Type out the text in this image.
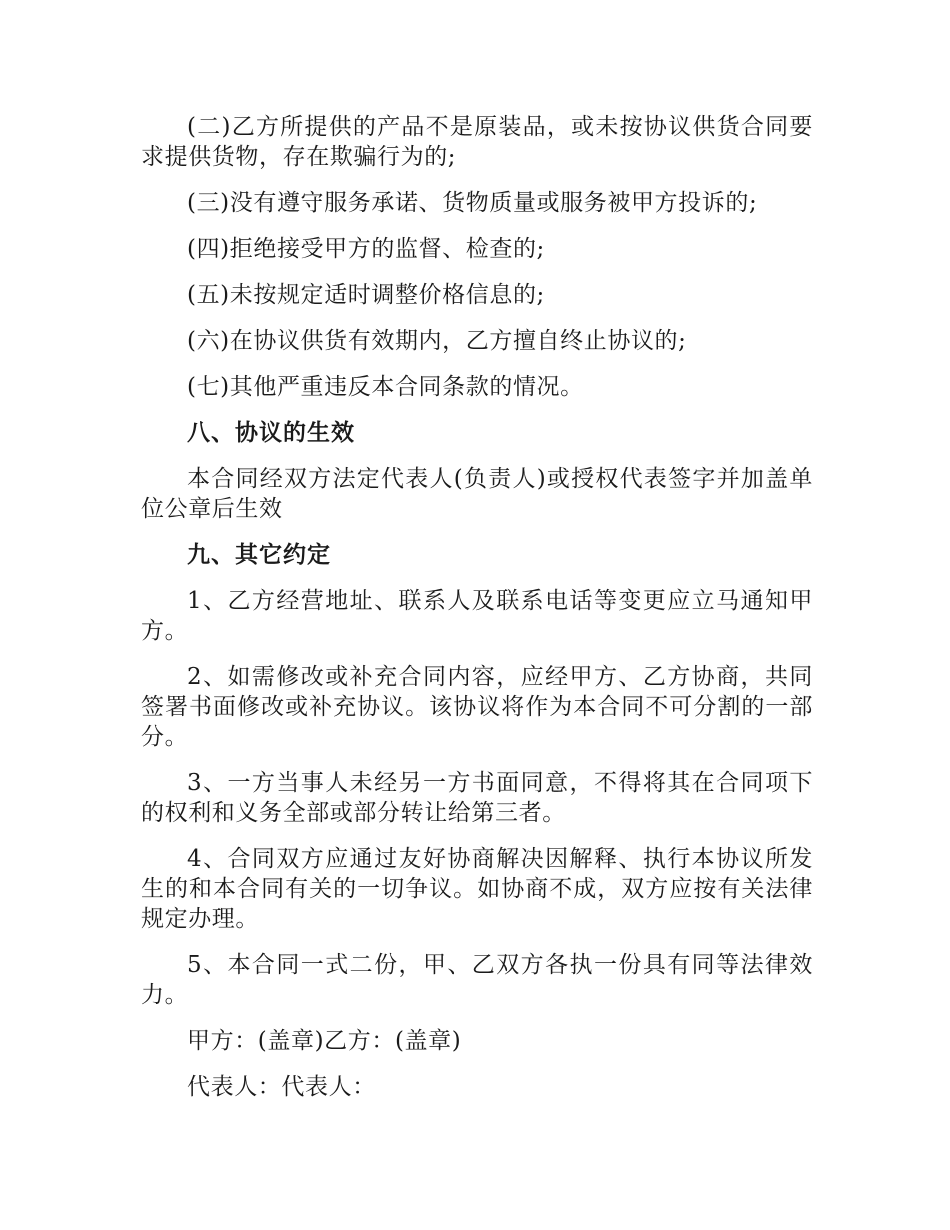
(二)乙方所提供的产品不是原装品，或未按协议供货合同要求提供货物，存在欺骗行为的;

(三)没有遵守服务承诺、货物质量或服务被甲方投诉的;

(四)拒绝接受甲方的监督、检查的;

(五)未按规定适时调整价格信息的;

(六)在协议供货有效期内，乙方擅自终止协议的;

(七)其他严重违反本合同条款的情况。

八、协议的生效

本合同经双方法定代表人(负责人)或授权代表签字并加盖单位公章后生效

九、其它约定

1、乙方经营地址、联系人及联系电话等变更应立马通知甲方。

2、如需修改或补充合同内容，应经甲方、乙方协商，共同签署书面修改或补充协议。该协议将作为本合同不可分割的一部分。

3、一方当事人未经另一方书面同意，不得将其在合同项下的权利和义务全部或部分转让给第三者。

4、合同双方应通过友好协商解决因解释、执行本协议所发生的和本合同有关的一切争议。如协商不成，双方应按有关法律规定办理。

5、本合同一式二份，甲、乙双方各执一份具有同等法律效力。

甲方：(盖章)乙方：(盖章)

代表人：代表人：
